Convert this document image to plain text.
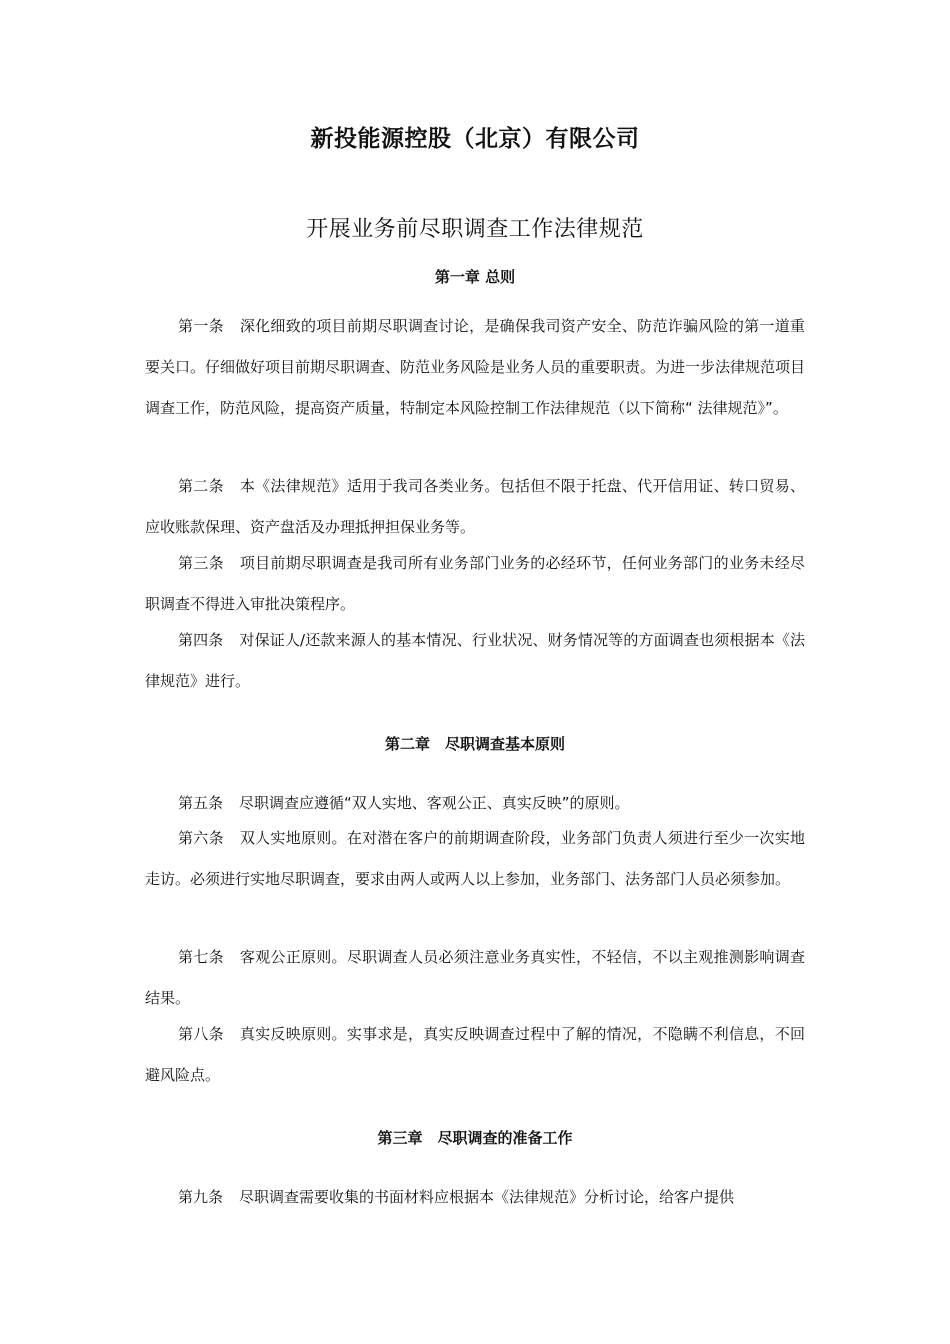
新投能源控股（北京）有限公司
开展业务前尽职调查工作法律规范
第一章 总则

第一条 深化细致的项目前期尽职调查讨论，是确保我司资产安全、防范诈骗风险的第一道重要关口。仔细做好项目前期尽职调查、防范业务风险是业务人员的重要职责。为进一步法律规范项目调查工作，防范风险，提高资产质量，特制定本风险控制工作法律规范（以下简称“ 法律规范》”。

第二条 本《法律规范》适用于我司各类业务。包括但不限于托盘、代开信用证、转口贸易、应收账款保理、资产盘活及办理抵押担保业务等。

第三条 项目前期尽职调查是我司所有业务部门业务的必经环节，任何业务部门的业务未经尽职调查不得进入审批决策程序。

第四条 对保证人/还款来源人的基本情况、行业状况、财务情况等的方面调查也须根据本《法律规范》进行。

第二章　尽职调查基本原则

第五条 尽职调查应遵循“双人实地、客观公正、真实反映”的原则。

第六条 双人实地原则。在对潜在客户的前期调查阶段，业务部门负责人须进行至少一次实地走访。必须进行实地尽职调查，要求由两人或两人以上参加，业务部门、法务部门人员必须参加。

第七条 客观公正原则。尽职调查人员必须注意业务真实性，不轻信，不以主观推测影响调查结果。

第八条 真实反映原则。实事求是，真实反映调查过程中了解的情况，不隐瞒不利信息，不回避风险点。

第三章　尽职调查的准备工作

第九条 尽职调查需要收集的书面材料应根据本《法律规范》分析讨论，给客户提供
